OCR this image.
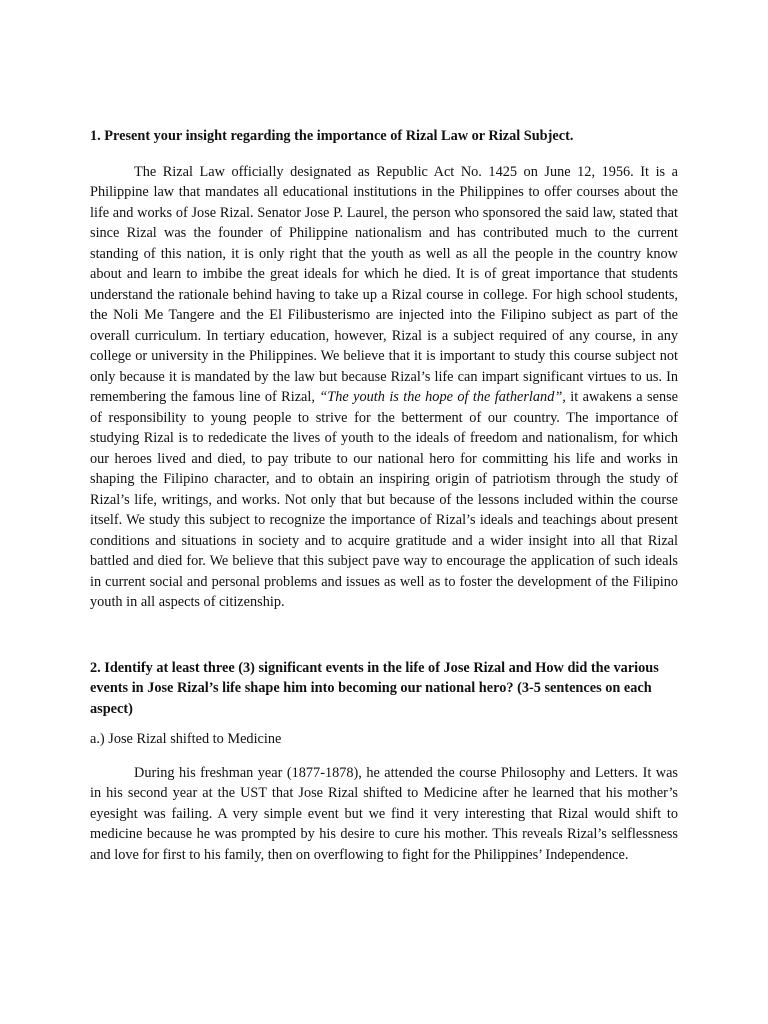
1. Present your insight regarding the importance of Rizal Law or Rizal Subject.

The Rizal Law officially designated as Republic Act No. 1425 on June 12, 1956. It is a Philippine law that mandates all educational institutions in the Philippines to offer courses about the life and works of Jose Rizal. Senator Jose P. Laurel, the person who sponsored the said law, stated that since Rizal was the founder of Philippine nationalism and has contributed much to the current standing of this nation, it is only right that the youth as well as all the people in the country know about and learn to imbibe the great ideals for which he died. It is of great importance that students understand the rationale behind having to take up a Rizal course in college. For high school students, the Noli Me Tangere and the El Filibusterismo are injected into the Filipino subject as part of the overall curriculum. In tertiary education, however, Rizal is a subject required of any course, in any college or university in the Philippines. We believe that it is important to study this course subject not only because it is mandated by the law but because Rizal’s life can impart significant virtues to us. In remembering the famous line of Rizal, “The youth is the hope of the fatherland”, it awakens a sense of responsibility to young people to strive for the betterment of our country. The importance of studying Rizal is to rededicate the lives of youth to the ideals of freedom and nationalism, for which our heroes lived and died, to pay tribute to our national hero for committing his life and works in shaping the Filipino character, and to obtain an inspiring origin of patriotism through the study of Rizal’s life, writings, and works. Not only that but because of the lessons included within the course itself. We study this subject to recognize the importance of Rizal’s ideals and teachings about present conditions and situations in society and to acquire gratitude and a wider insight into all that Rizal battled and died for. We believe that this subject pave way to encourage the application of such ideals in current social and personal problems and issues as well as to foster the development of the Filipino youth in all aspects of citizenship.

2. Identify at least three (3) significant events in the life of Jose Rizal and How did the various events in Jose Rizal’s life shape him into becoming our national hero? (3-5 sentences on each aspect)

a.) Jose Rizal shifted to Medicine

During his freshman year (1877-1878), he attended the course Philosophy and Letters. It was in his second year at the UST that Jose Rizal shifted to Medicine after he learned that his mother’s eyesight was failing. A very simple event but we find it very interesting that Rizal would shift to medicine because he was prompted by his desire to cure his mother. This reveals Rizal’s selflessness and love for first to his family, then on overflowing to fight for the Philippines’ Independence.
